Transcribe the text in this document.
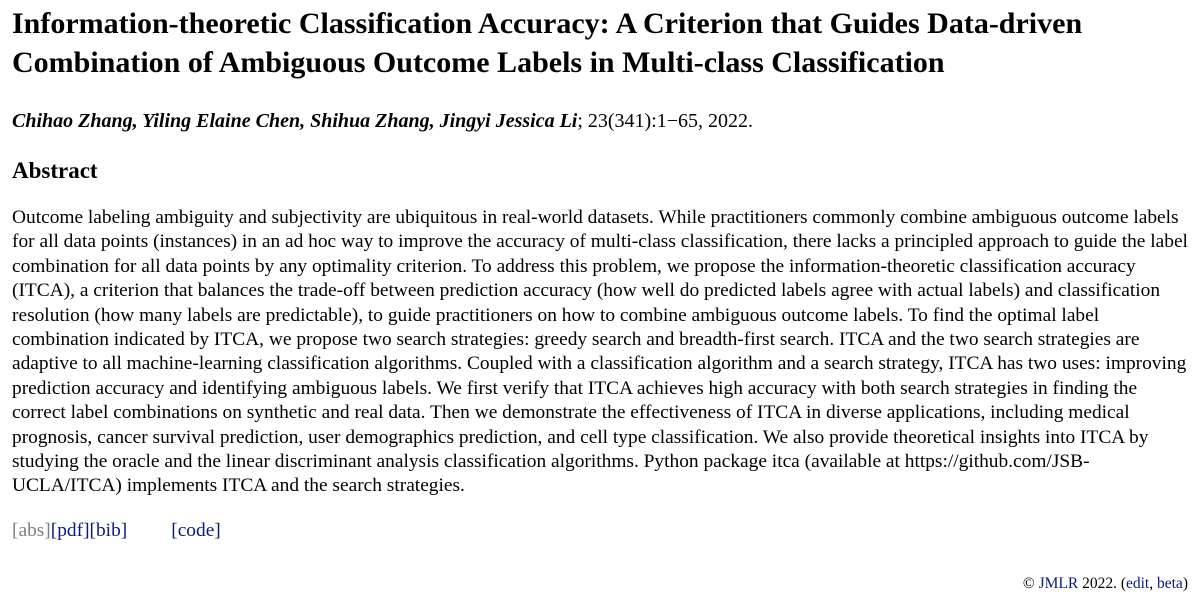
Information-theoretic Classification Accuracy: A Criterion that Guides Data-driven Combination of Ambiguous Outcome Labels in Multi-class Classification
Chihao Zhang, Yiling Elaine Chen, Shihua Zhang, Jingyi Jessica Li; 23(341):1−65, 2022.
Abstract
Outcome labeling ambiguity and subjectivity are ubiquitous in real-world datasets. While practitioners commonly combine ambiguous outcome labels for all data points (instances) in an ad hoc way to improve the accuracy of multi-class classification, there lacks a principled approach to guide the label combination for all data points by any optimality criterion. To address this problem, we propose the information-theoretic classification accuracy (ITCA), a criterion that balances the trade-off between prediction accuracy (how well do predicted labels agree with actual labels) and classification resolution (how many labels are predictable), to guide practitioners on how to combine ambiguous outcome labels. To find the optimal label combination indicated by ITCA, we propose two search strategies: greedy search and breadth-first search. ITCA and the two search strategies are adaptive to all machine-learning classification algorithms. Coupled with a classification algorithm and a search strategy, ITCA has two uses: improving prediction accuracy and identifying ambiguous labels. We first verify that ITCA achieves high accuracy with both search strategies in finding the correct label combinations on synthetic and real data. Then we demonstrate the effectiveness of ITCA in diverse applications, including medical prognosis, cancer survival prediction, user demographics prediction, and cell type classification. We also provide theoretical insights into ITCA by studying the oracle and the linear discriminant analysis classification algorithms. Python package itca (available at https://github.com/JSB-UCLA/ITCA) implements ITCA and the search strategies.
[abs][pdf][bib] [code]
© JMLR 2022. (edit, beta)
